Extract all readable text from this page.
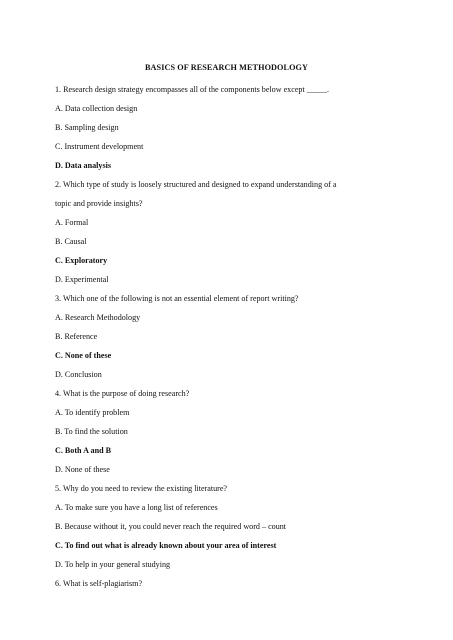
BASICS OF RESEARCH METHODOLOGY
1. Research design strategy encompasses all of the components below except _____.
A. Data collection design
B. Sampling design
C. Instrument development
D. Data analysis
2. Which type of study is loosely structured and designed to expand understanding of a
topic and provide insights?
A. Formal
B. Causal
C. Exploratory
D. Experimental
3. Which one of the following is not an essential element of report writing?
A. Research Methodology
B. Reference
C. None of these
D. Conclusion
4. What is the purpose of doing research?
A. To identify problem
B. To find the solution
C. Both A and B
D. None of these
5. Why do you need to review the existing literature?
A. To make sure you have a long list of references
B. Because without it, you could never reach the required word – count
C. To find out what is already known about your area of interest
D. To help in your general studying
6. What is self-plagiarism?
